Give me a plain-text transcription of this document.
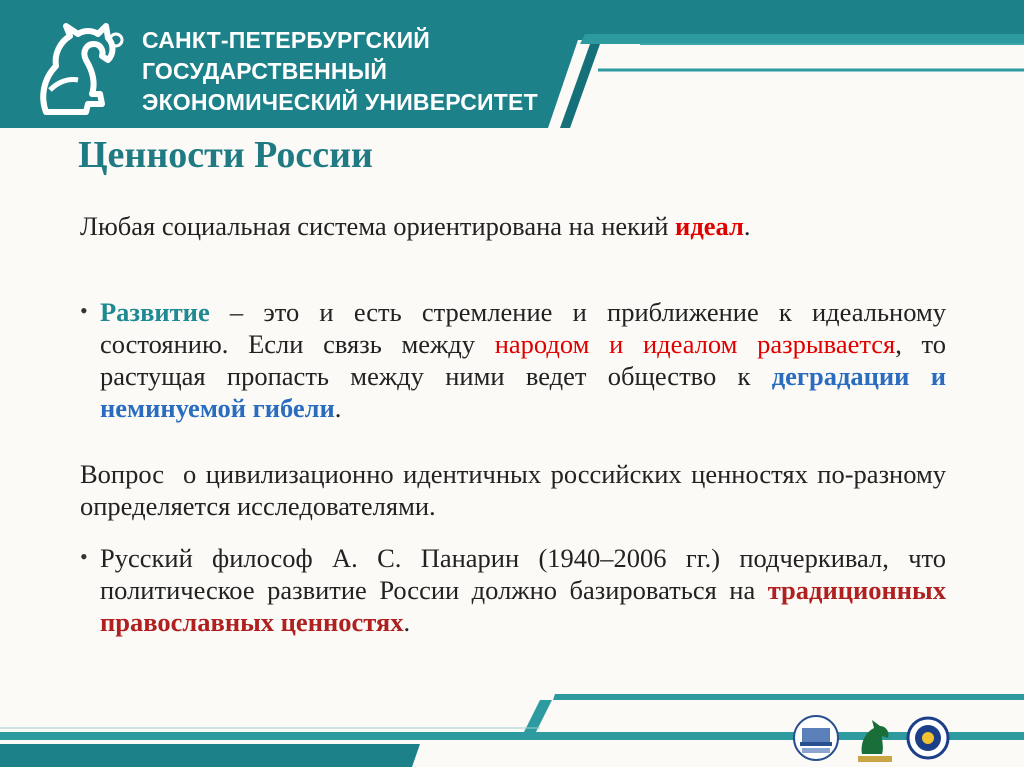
САНКТ-ПЕТЕРБУРГСКИЙ
ГОСУДАРСТВЕННЫЙ
ЭКОНОМИЧЕСКИЙ УНИВЕРСИТЕТ
Ценности России
Любая социальная система ориентирована на некий идеал.
• Развитие – это и есть стремление и приближение к идеальному состоянию. Если связь между народом и идеалом разрывается, то растущая пропасть между ними ведет общество к деградации и неминуемой гибели.
Вопрос  о цивилизационно идентичных российских ценностях по-разному определяется исследователями.
• Русский философ А. С. Панарин (1940–2006 гг.) подчеркивал, что политическое развитие России должно базироваться на традиционных православных ценностях.
